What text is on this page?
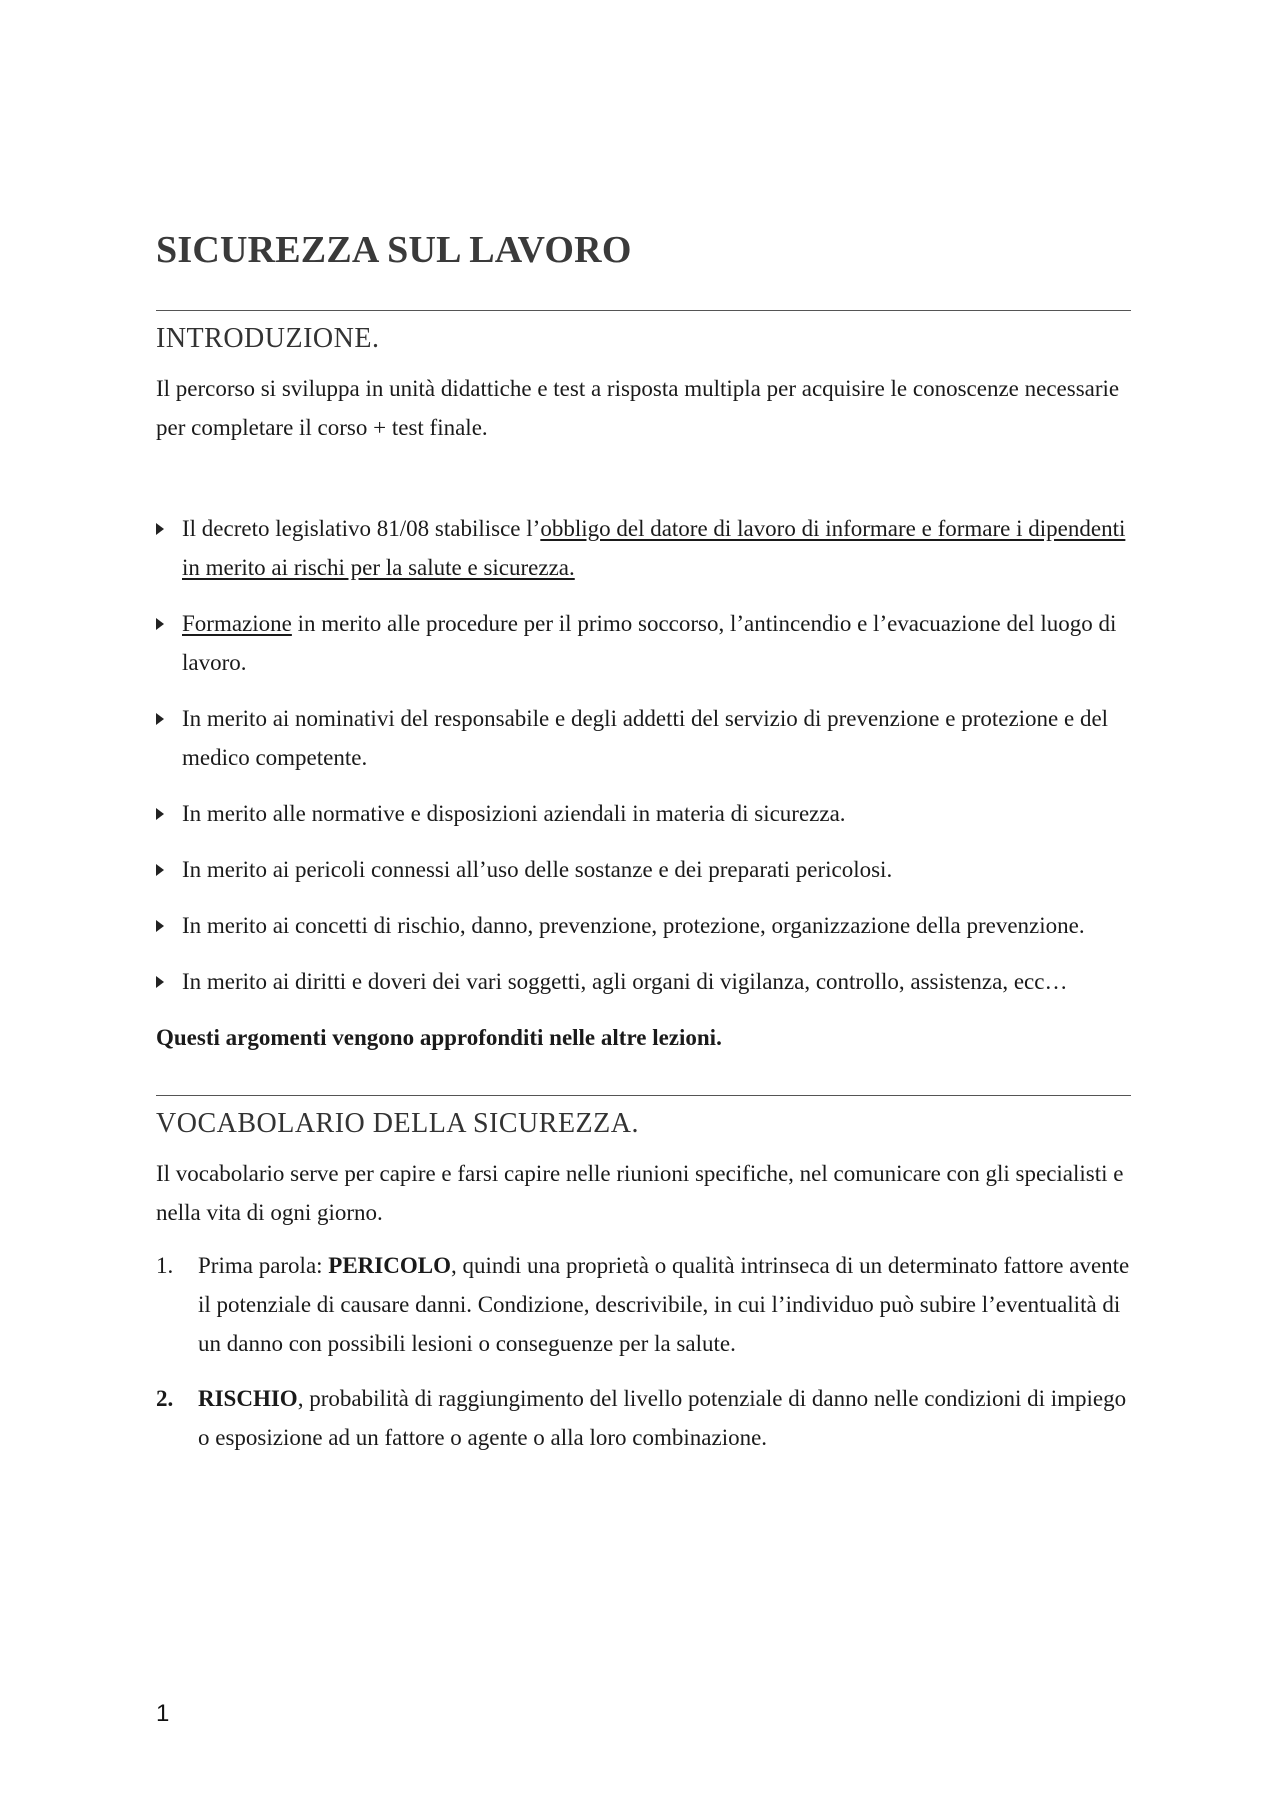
SICUREZZA SUL LAVORO
INTRODUZIONE.

Il percorso si sviluppa in unità didattiche e test a risposta multipla per acquisire le conoscenze necessarie per completare il corso + test finale.

Il decreto legislativo 81/08 stabilisce l’obbligo del datore di lavoro di informare e formare i dipendenti in merito ai rischi per la salute e sicurezza.
Formazione in merito alle procedure per il primo soccorso, l’antincendio e l’evacuazione del luogo di lavoro.
In merito ai nominativi del responsabile e degli addetti del servizio di prevenzione e protezione e del medico competente.
In merito alle normative e disposizioni aziendali in materia di sicurezza.
In merito ai pericoli connessi all’uso delle sostanze e dei preparati pericolosi.
In merito ai concetti di rischio, danno, prevenzione, protezione, organizzazione della prevenzione.
In merito ai diritti e doveri dei vari soggetti, agli organi di vigilanza, controllo, assistenza, ecc…

Questi argomenti vengono approfonditi nelle altre lezioni.

VOCABOLARIO DELLA SICUREZZA.

Il vocabolario serve per capire e farsi capire nelle riunioni specifiche, nel comunicare con gli specialisti e nella vita di ogni giorno.

1. Prima parola: PERICOLO, quindi una proprietà o qualità intrinseca di un determinato fattore avente il potenziale di causare danni. Condizione, descrivibile, in cui l’individuo può subire l’eventualità di un danno con possibili lesioni o conseguenze per la salute.
2. RISCHIO, probabilità di raggiungimento del livello potenziale di danno nelle condizioni di impiego o esposizione ad un fattore o agente o alla loro combinazione.
1
